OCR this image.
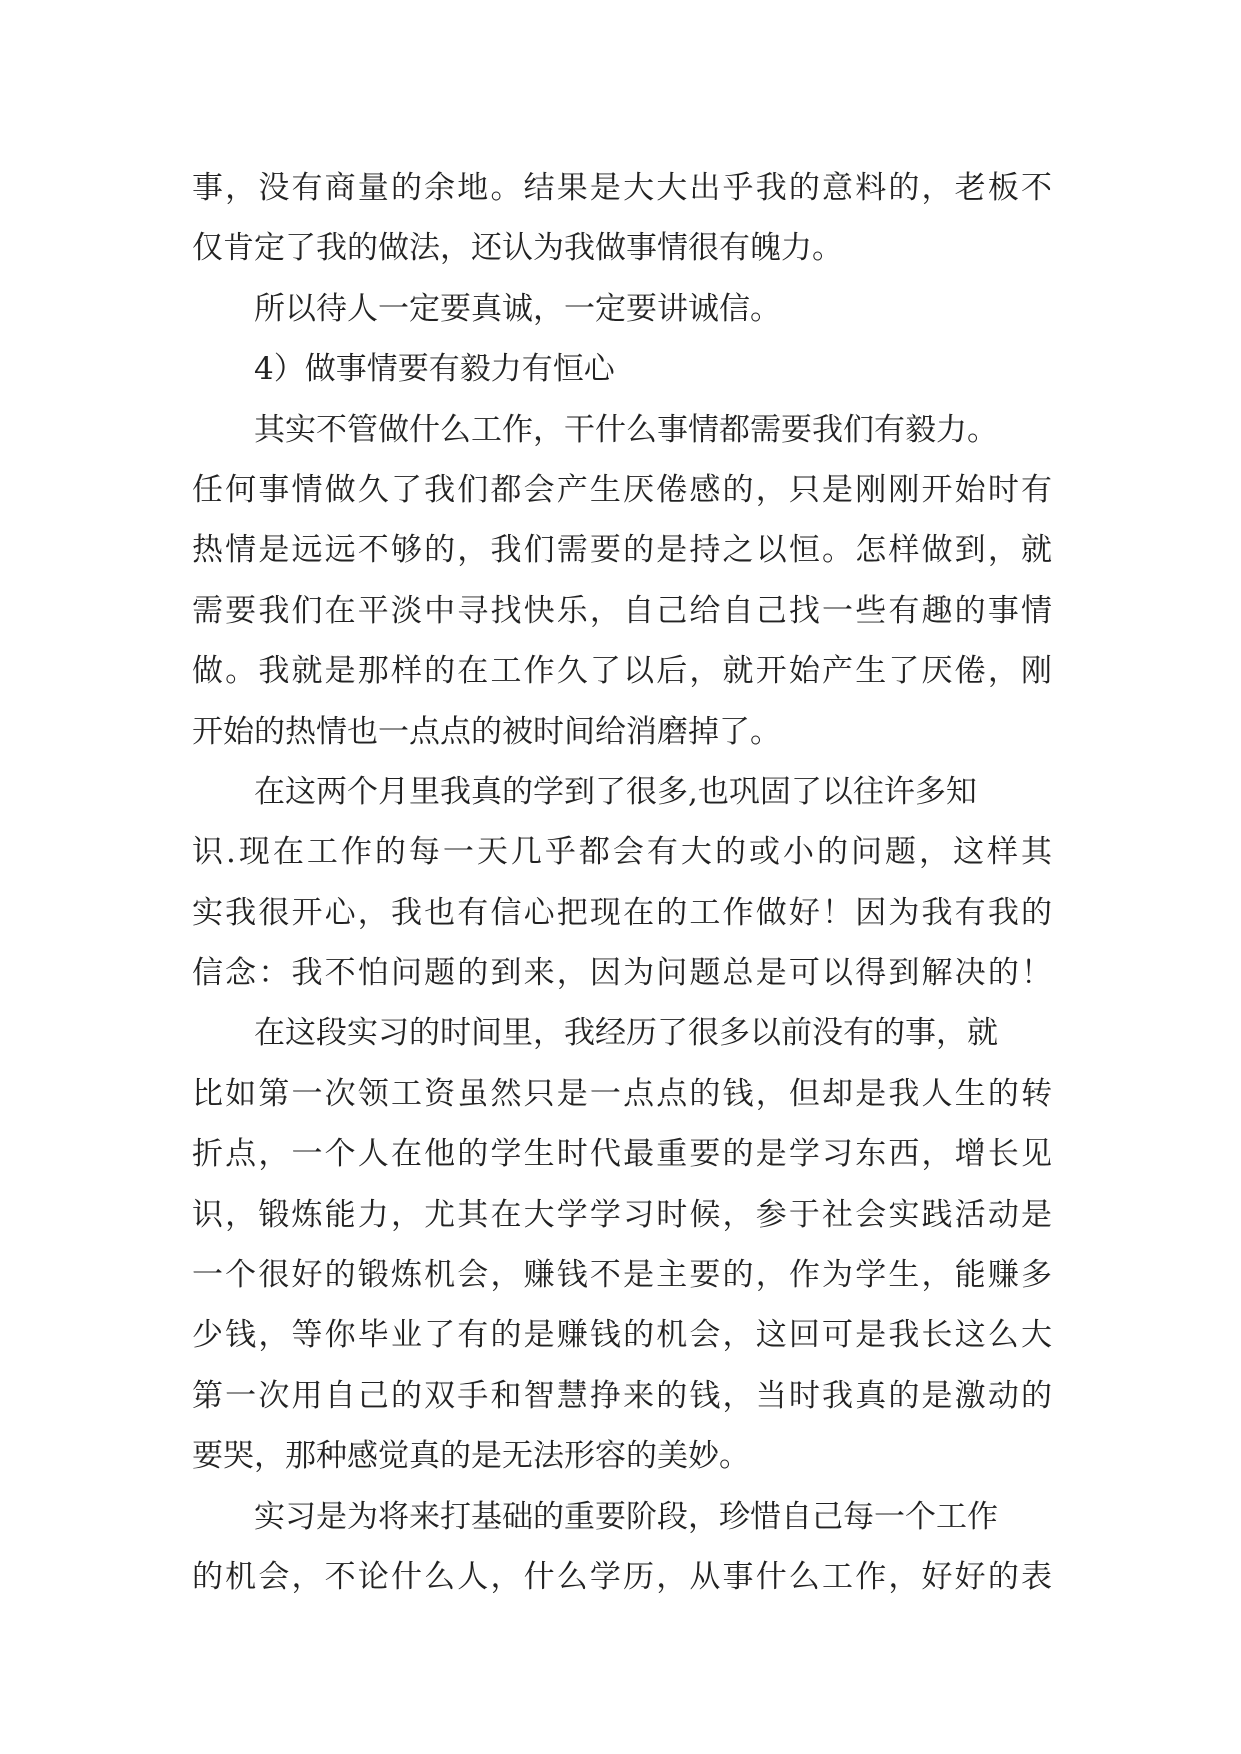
事，没有商量的余地。结果是大大出乎我的意料的，老板不
仅肯定了我的做法，还认为我做事情很有魄力。
所以待人一定要真诚，一定要讲诚信。
4）做事情要有毅力有恒心
其实不管做什么工作，干什么事情都需要我们有毅力。
任何事情做久了我们都会产生厌倦感的，只是刚刚开始时有
热情是远远不够的，我们需要的是持之以恒。怎样做到，就
需要我们在平淡中寻找快乐，自己给自己找一些有趣的事情
做。我就是那样的在工作久了以后，就开始产生了厌倦，刚
开始的热情也一点点的被时间给消磨掉了。
在这两个月里我真的学到了很多,也巩固了以往许多知
识.现在工作的每一天几乎都会有大的或小的问题，这样其
实我很开心，我也有信心把现在的工作做好！因为我有我的
信念：我不怕问题的到来，因为问题总是可以得到解决的！
在这段实习的时间里，我经历了很多以前没有的事，就
比如第一次领工资虽然只是一点点的钱，但却是我人生的转
折点，一个人在他的学生时代最重要的是学习东西，增长见
识，锻炼能力，尤其在大学学习时候，参于社会实践活动是
一个很好的锻炼机会，赚钱不是主要的，作为学生，能赚多
少钱，等你毕业了有的是赚钱的机会，这回可是我长这么大
第一次用自己的双手和智慧挣来的钱，当时我真的是激动的
要哭，那种感觉真的是无法形容的美妙。
实习是为将来打基础的重要阶段，珍惜自己每一个工作
的机会，不论什么人，什么学历，从事什么工作，好好的表
